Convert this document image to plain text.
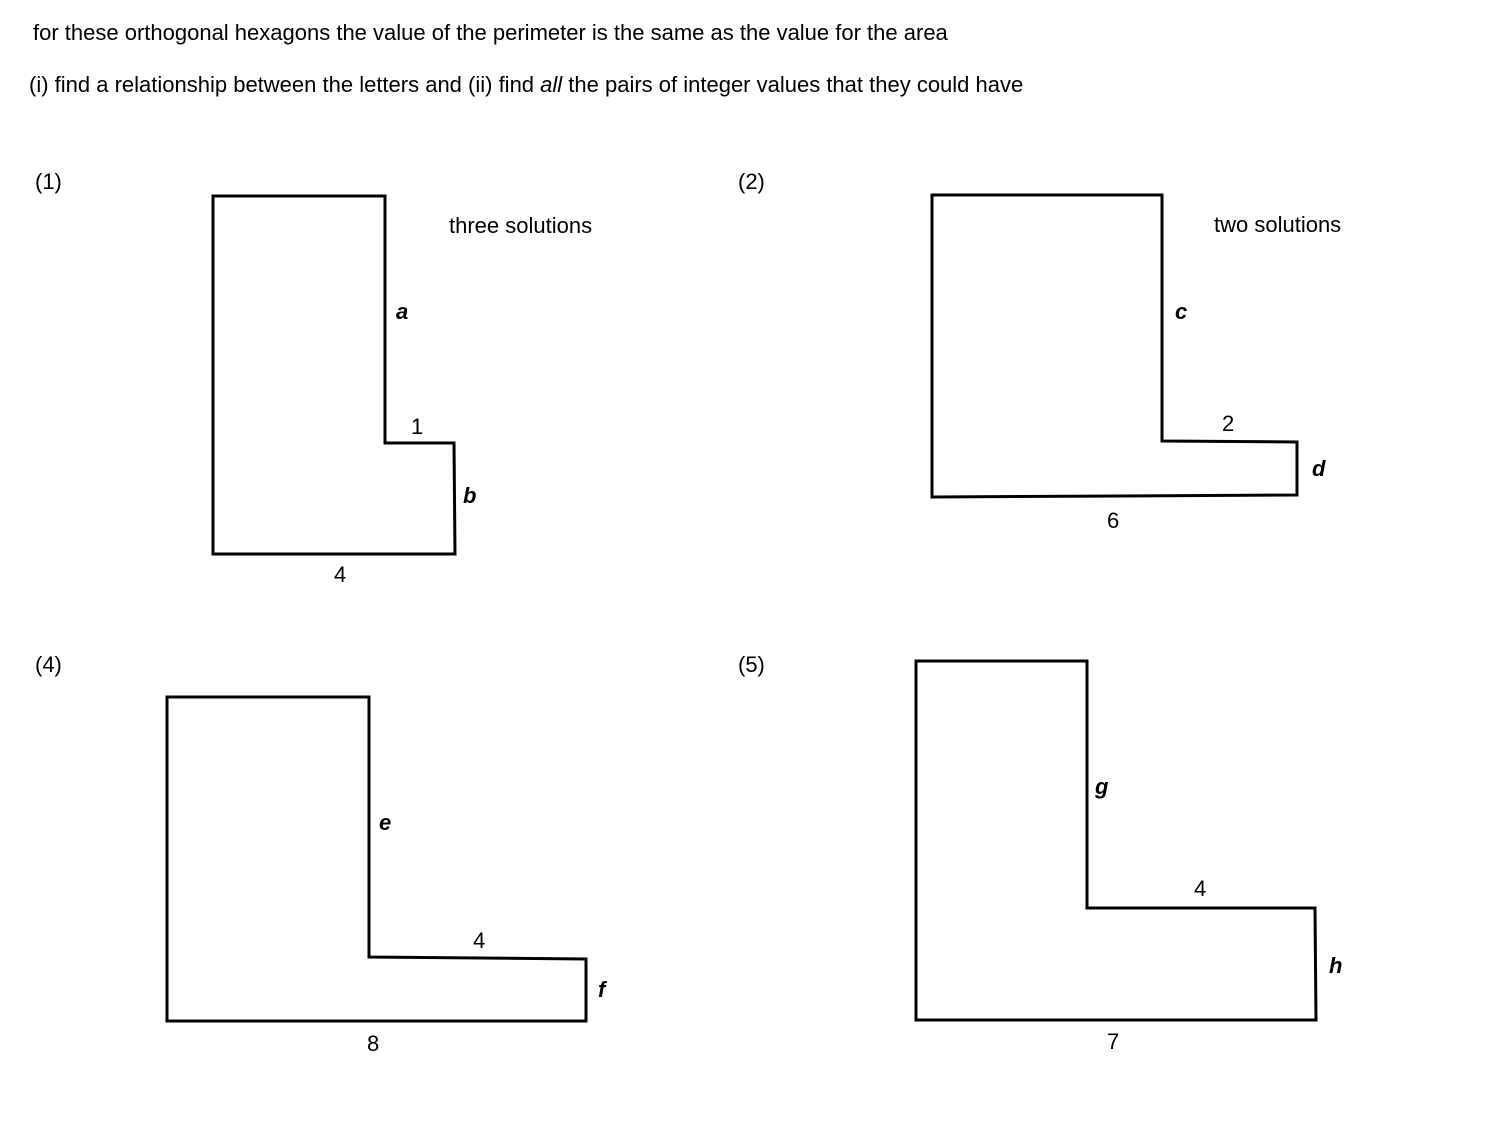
for these orthogonal hexagons the value of the perimeter is the same as the value for the area
(i) find a relationship between the letters and (ii) find all the pairs of integer values that they could have
(1)
three solutions
a
1
b
4
(2)
two solutions
c
2
d
6
(4)
e
4
f
8
(5)
g
4
h
7
